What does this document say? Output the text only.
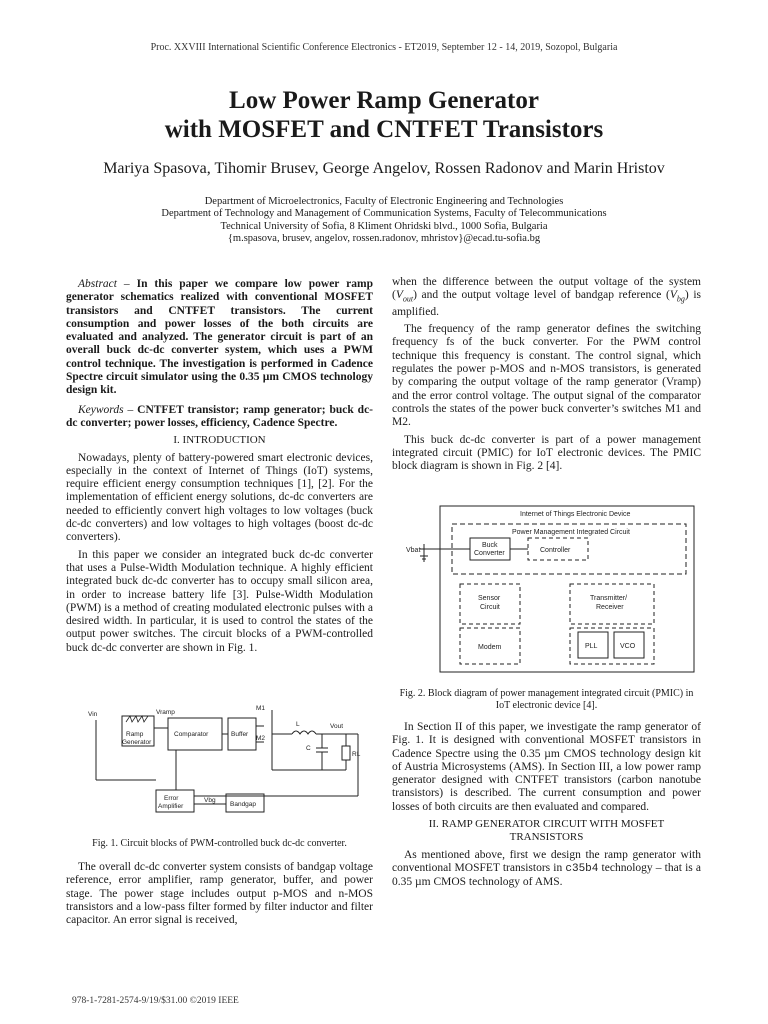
Proc. XXVIII International Scientific Conference Electronics - ET2019, September 12 - 14, 2019, Sozopol, Bulgaria
Low Power Ramp Generator
with MOSFET and CNTFET Transistors
Mariya Spasova, Tihomir Brusev, George Angelov, Rossen Radonov and Marin Hristov
Department of Microelectronics, Faculty of Electronic Engineering and Technologies
Department of Technology and Management of Communication Systems, Faculty of Telecommunications
Technical University of Sofia, 8 Kliment Ohridski blvd., 1000 Sofia, Bulgaria
{m.spasova, brusev, angelov, rossen.radonov, mhristov}@ecad.tu-sofia.bg

Abstract – In this paper we compare low power ramp generator schematics realized with conventional MOSFET transistors and CNTFET transistors. The current consumption and power losses of the both circuits are evaluated and analyzed. The generator circuit is part of an overall buck dc-dc converter system, which uses a PWM control technique. The investigation is performed in Cadence Spectre circuit simulator using the 0.35 µm CMOS technology design kit.

Keywords – CNTFET transistor; ramp generator; buck dc-dc converter; power losses, efficiency, Cadence Spectre.

I. INTRODUCTION

Nowadays, plenty of battery-powered smart electronic devices, especially in the context of Internet of Things (IoT) systems, require efficient energy consumption techniques [1], [2]. For the implementation of efficient energy solutions, dc-dc converters are needed to efficiently convert high voltages to low voltages (buck dc-dc converters) and low voltages to high voltages (boost dc-dc converters).

In this paper we consider an integrated buck dc-dc converter that uses a Pulse-Width Modulation technique. A highly efficient integrated buck dc-dc converter has to occupy small silicon area, in order to increase battery life [3]. Pulse-Width Modulation (PWM) is a method of creating modulated electronic pulses with a desired width. In particular, it is used to control the states of the output power switches. The circuit blocks of a PWM-controlled buck dc-dc converter are shown in Fig. 1.

Vin	Vramp
Ramp
Generator
Comparator	Buffer
M1
M2
L	Vout
C
RL
Error
Amplifier
Vbg
Bandgap
Fig. 1. Circuit blocks of PWM-controlled buck dc-dc converter.

The overall dc-dc converter system consists of bandgap voltage reference, error amplifier, ramp generator, buffer, and power stage. The power stage includes output p-MOS and n-MOS transistors and a low-pass filter formed by filter inductor and filter capacitor. An error signal is received,

978-1-7281-2574-9/19/$31.00 ©2019 IEEE

when the difference between the output voltage of the system $(V_{out})$ and the output voltage level of bandgap reference $(V_{bg})$ is amplified.

The frequency of the ramp generator defines the switching frequency fs of the buck converter. For the PWM control technique this frequency is constant. The control signal, which regulates the power p-MOS and n-MOS transistors, is generated by comparing the output voltage of the ramp generator (Vramp) and the error control voltage. The output signal of the comparator controls the states of the power buck converter’s switches M1 and M2.

This buck dc-dc converter is part of a power management integrated circuit (PMIC) for IoT electronic devices. The PMIC block diagram is shown in Fig. 2 [4].

Internet of Things Electronic Device
Power Management Integrated Circuit
Vbat
Buck
Converter	Controller
Sensor
Circuit
Transmitter/
Receiver
Modem	PLL	VCO
Fig. 2. Block diagram of power management integrated circuit (PMIC) in IoT electronic device [4].

In Section II of this paper, we investigate the ramp generator of Fig. 1. It is designed with conventional MOSFET transistors in Cadence Spectre using the 0.35 µm CMOS technology design kit of Austria Microsystems (AMS). In Section III, a low power ramp generator designed with CNTFET transistors (carbon nanotube transistors) is described. The current consumption and power losses of both circuits are then evaluated and compared.

II. RAMP GENERATOR CIRCUIT WITH MOSFET
TRANSISTORS

As mentioned above, first we design the ramp generator with conventional MOSFET transistors in c35b4 technology – that is a 0.35 µm CMOS technology of AMS.
